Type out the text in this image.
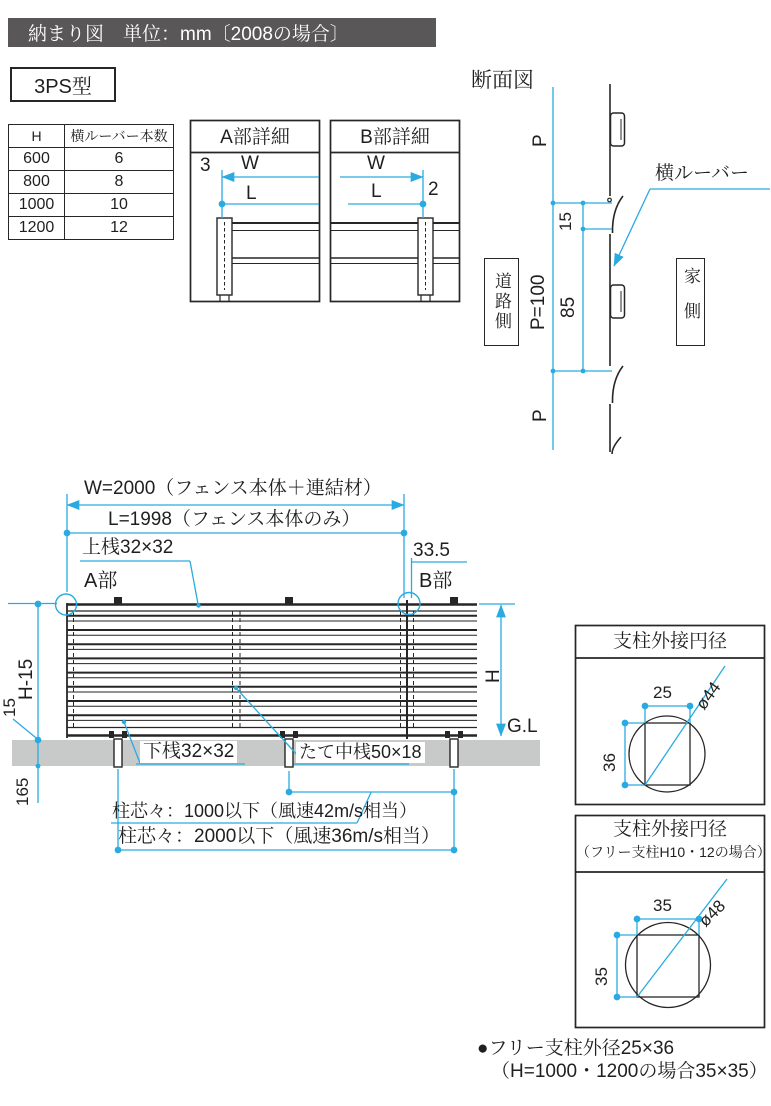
納まり図　単位：mm〔2008の場合〕
3PS型
H	横ルーバー本数
600	6
800	8
1000	10
1200	12
A部詳細	B部詳細
3 W
L
W
L 2
断面図
P
15
P=100 85
P
横ルーバー
道路側	家側
W=2000（フェンス本体＋連結材）
L=1998（フェンス本体のみ）
上桟32×32	33.5
A部	B部
H-15
15
165
H
G.L
下桟32×32	たて中桟50×18
柱芯々：1000以下（風速42m/s相当）
柱芯々：2000以下（風速36m/s相当）
支柱外接円径
25
36
ø44
支柱外接円径
（フリー支柱H10・12の場合）
35
35
ø48
●フリー支柱外径25×36
（H=1000・1200の場合35×35）
